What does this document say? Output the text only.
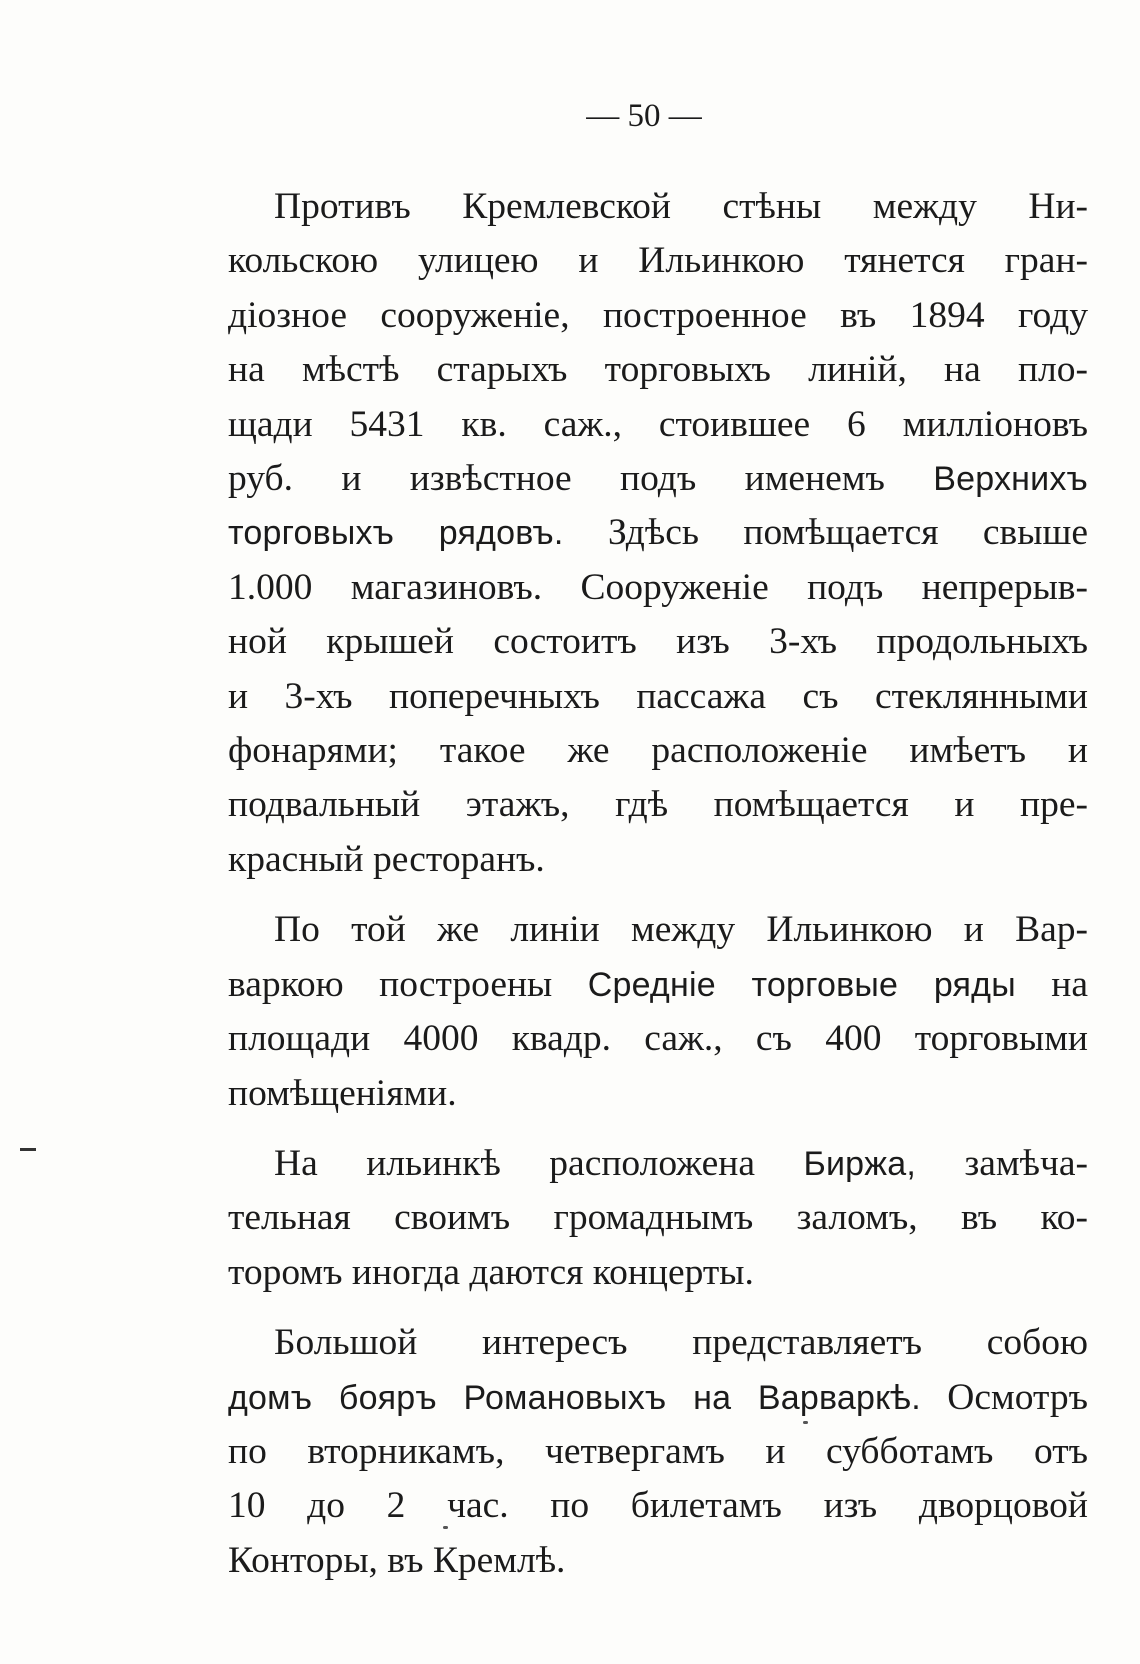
— 50 —

Противъ Кремлевской стѣны между Ни-
кольскою улицею и Ильинкою тянется гран-
діозное сооруженіе, построенное въ 1894 году
на мѣстѣ старыхъ торговыхъ линій, на пло-
щади 5431 кв. саж., стоившее 6 милліоновъ
руб. и извѣстное подъ именемъ Верхнихъ
торговыхъ рядовъ. Здѣсь помѣщается свыше
1.000 магазиновъ. Сооруженіе подъ непрерыв-
ной крышей состоитъ изъ 3-хъ продольныхъ
и 3-хъ поперечныхъ пассажа съ стеклянными
фонарями; такое же расположеніе имѣетъ и
подвальный этажъ, гдѣ помѣщается и пре-
красный ресторанъ.

По той же линіи между Ильинкою и Вар-
варкою построены Средніе торговые ряды на
площади 4000 квадр. саж., съ 400 торговыми
помѣщеніями.

На ильинкѣ расположена Биржа, замѣча-
тельная своимъ громаднымъ заломъ, въ ко-
торомъ иногда даются концерты.

Большой интересъ представляетъ собою
домъ бояръ Романовыхъ на Варваркѣ. Осмотръ
по вторникамъ, четвергамъ и субботамъ отъ
10 до 2 час. по билетамъ изъ дворцовой
Конторы, въ Кремлѣ.
